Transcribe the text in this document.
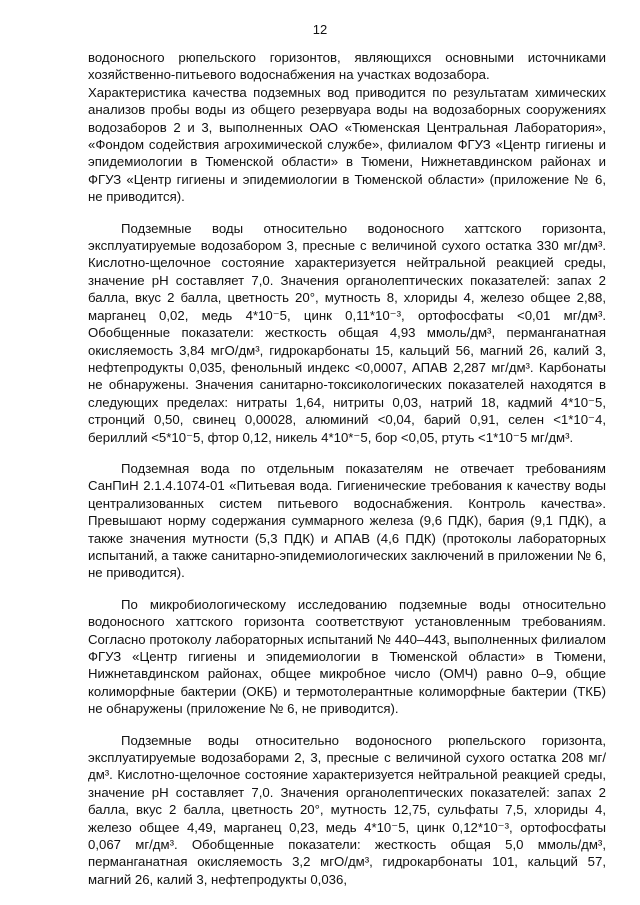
12

водоносного рюпельского горизонтов, являющихся основными источниками хозяйственно-питьевого водоснабжения на участках водозабора.

Характеристика качества подземных вод приводится по результатам химических анализов пробы воды из общего резервуара воды на водозаборных сооружениях водозаборов 2 и 3, выполненных ОАО «Тюменская Центральная Лаборатория», «Фондом содействия агрохимической службе», филиалом ФГУЗ «Центр гигиены и эпидемиологии в Тюменской области» в Тюмени, Нижнетавдинском районах и ФГУЗ «Центр гигиены и эпидемиологии в Тюменской области» (приложение № 6, не приводится).

Подземные воды относительно водоносного хаттского горизонта, эксплуатируемые водозабором 3, пресные с величиной сухого остатка 330 мг/дм³. Кислотно-щелочное состояние характеризуется нейтральной реакцией среды, значение рН составляет 7,0. Значения органолептических показателей: запах 2 балла, вкус 2 балла, цветность 20°, мутность 8, хлориды 4, железо общее 2,88, марганец 0,02, медь 4*10⁻5, цинк 0,11*10⁻³, ортофосфаты <0,01 мг/дм³. Обобщенные показатели: жесткость общая 4,93 ммоль/дм³, перманганатная окисляемость 3,84 мгO/дм³, гидрокарбонаты 15, кальций 56, магний 26, калий 3, нефтепродукты 0,035, фенольный индекс <0,0007, АПАВ 2,287 мг/дм³. Карбонаты не обнаружены. Значения санитарно-токсикологических показателей находятся в следующих пределах: нитраты 1,64, нитриты 0,03, натрий 18, кадмий 4*10⁻5, стронций 0,50, свинец 0,00028, алюминий <0,04, барий 0,91, селен <1*10⁻4, бериллий <5*10⁻5, фтор 0,12, никель 4*10*⁻5, бор <0,05, ртуть <1*10⁻5 мг/дм³.

Подземная вода по отдельным показателям не отвечает требованиям СанПиН 2.1.4.1074-01 «Питьевая вода. Гигиенические требования к качеству воды централизованных систем питьевого водоснабжения. Контроль качества». Превышают норму содержания суммарного железа (9,6 ПДК), бария (9,1 ПДК), а также значения мутности (5,3 ПДК) и АПАВ (4,6 ПДК) (протоколы лабораторных испытаний, а также санитарно-эпидемиологических заключений в приложении № 6, не приводится).

По микробиологическому исследованию подземные воды относительно водоносного хаттского горизонта соответствуют установленным требованиям. Согласно протоколу лабораторных испытаний № 440–443, выполненных филиалом ФГУЗ «Центр гигиены и эпидемиологии в Тюменской области» в Тюмени, Нижнетавдинском районах, общее микробное число (ОМЧ) равно 0–9, общие колиморфные бактерии (ОКБ) и термотолерантные колиморфные бактерии (ТКБ) не обнаружены (приложение № 6, не приводится).

Подземные воды относительно водоносного рюпельского горизонта, эксплуатируемые водозаборами 2, 3, пресные с величиной сухого остатка 208 мг/дм³. Кислотно-щелочное состояние характеризуется нейтральной реакцией среды, значение рН составляет 7,0. Значения органолептических показателей: запах 2 балла, вкус 2 балла, цветность 20°, мутность 12,75, сульфаты 7,5, хлориды 4, железо общее 4,49, марганец 0,23, медь 4*10⁻5, цинк 0,12*10⁻³, ортофосфаты 0,067 мг/дм³. Обобщенные показатели: жесткость общая 5,0 ммоль/дм³, перманганатная окисляемость 3,2 мгO/дм³, гидрокарбонаты 101, кальций 57, магний 26, калий 3, нефтепродукты 0,036,
